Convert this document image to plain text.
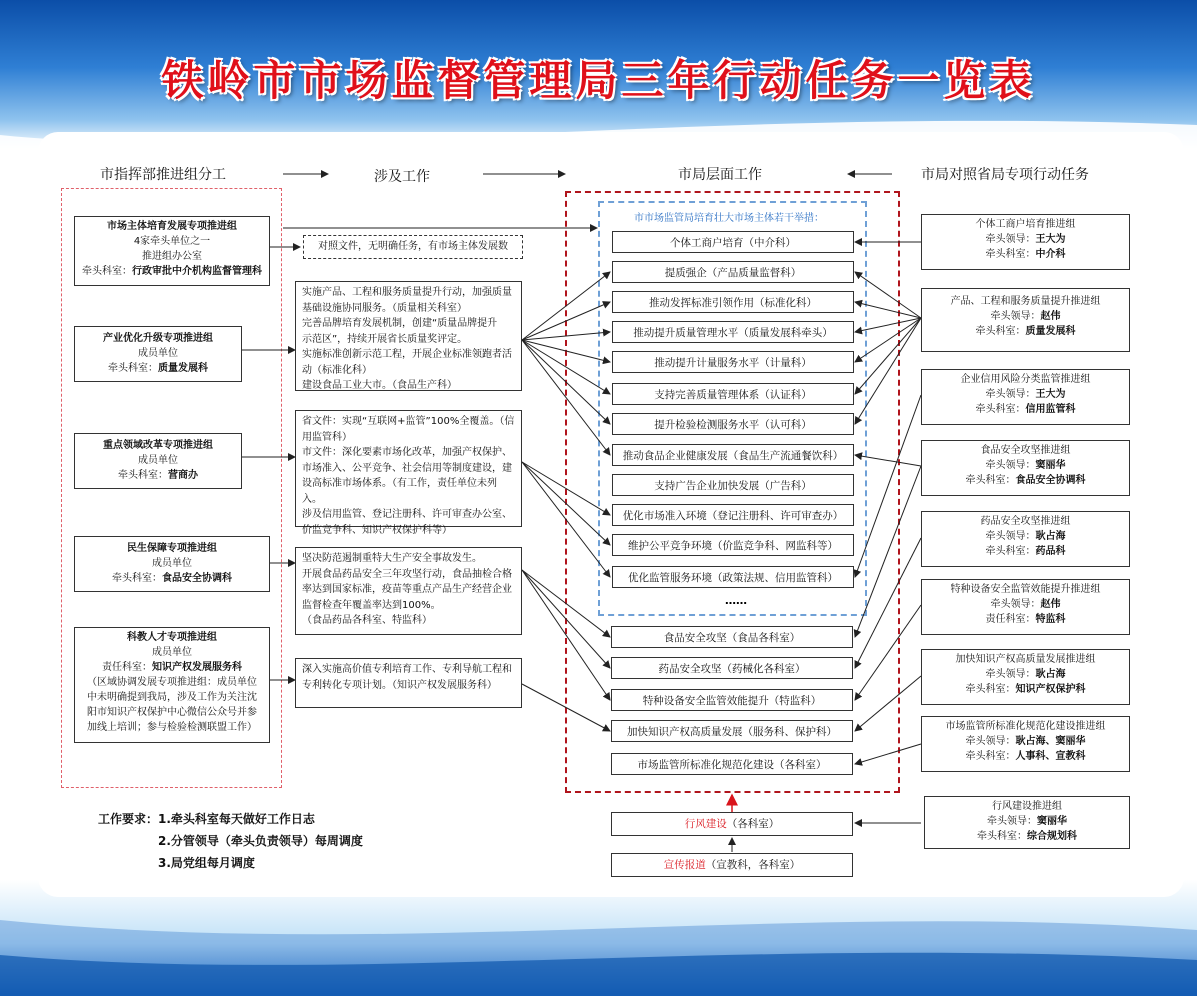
铁岭市市场监督管理局三年行动任务一览表
市指挥部推进组分工	涉及工作	市局层面工作	市局对照省局专项行动任务
市市场监管局培育壮大市场主体若干举措：
市场主体培育发展专项推进组
4家牵头单位之一
推进组办公室
牵头科室：行政审批中介机构监督管理科
产业优化升级专项推进组
成员单位
牵头科室：质量发展科
重点领域改革专项推进组
成员单位
牵头科室：营商办
民生保障专项推进组
成员单位
牵头科室：食品安全协调科
科教人才专项推进组
成员单位
责任科室：知识产权发展服务科
（区域协调发展专项推进组：成员单位
中未明确提到我局，涉及工作为关注沈
阳市知识产权保护中心微信公众号并参
加线上培训；参与检验检测联盟工作）
对照文件，无明确任务，有市场主体发展数
实施产品、工程和服务质量提升行动，加强质量
基础设施协同服务。（质量相关科室）
完善品牌培育发展机制，创建“质量品牌提升
示范区”，持续开展省长质量奖评定。
实施标准创新示范工程，开展企业标准领跑者活
动（标准化科）
建设食品工业大市。（食品生产科）
省文件：实现“互联网+监管”100%全覆盖。（信
用监管科）
市文件：深化要素市场化改革，加强产权保护、
市场准入、公平竞争、社会信用等制度建设，建
设高标准市场体系。（有工作，责任单位未列入。
涉及信用监管、登记注册科、许可审查办公室、
价监竞争科、知识产权保护科等）
坚决防范遏制重特大生产安全事故发生。
开展食品药品安全三年攻坚行动，食品抽检合格
率达到国家标准，疫苗等重点产品生产经营企业
监督检查年覆盖率达到100%。
（食品药品各科室、特监科）
深入实施高价值专利培育工作、专利导航工程和
专利转化专项计划。（知识产权发展服务科）
个体工商户培育（中介科）
提质强企（产品质量监督科）
推动发挥标准引领作用（标准化科）
推动提升质量管理水平（质量发展科牵头）
推动提升计量服务水平（计量科）
支持完善质量管理体系（认证科）
提升检验检测服务水平（认可科）
推动食品企业健康发展（食品生产流通餐饮科）
支持广告企业加快发展（广告科）
优化市场准入环境（登记注册科、许可审查办）
维护公平竞争环境（价监竞争科、网监科等）
优化监管服务环境（政策法规、信用监管科）
……
食品安全攻坚（食品各科室）
药品安全攻坚（药械化各科室）
特种设备安全监管效能提升（特监科）
加快知识产权高质量发展（服务科、保护科）
市场监管所标准化规范化建设（各科室）
行风建设（各科室）
宣传报道（宣教科，各科室）
个体工商户培育推进组
牵头领导：王大为
牵头科室：中介科
产品、工程和服务质量提升推进组
牵头领导：赵伟
牵头科室：质量发展科
企业信用风险分类监管推进组
牵头领导：王大为
牵头科室：信用监管科
食品安全攻坚推进组
牵头领导：窦丽华
牵头科室：食品安全协调科
药品安全攻坚推进组
牵头领导：耿占海
牵头科室：药品科
特种设备安全监管效能提升推进组
牵头领导：赵伟
责任科室：特监科
加快知识产权高质量发展推进组
牵头领导：耿占海
牵头科室：知识产权保护科
市场监管所标准化规范化建设推进组
牵头领导：耿占海、窦丽华
牵头科室：人事科、宣教科
行风建设推进组
牵头领导：窦丽华
牵头科室：综合规划科
工作要求：1.牵头科室每天做好工作日志
2.分管领导（牵头负责领导）每周调度
3.局党组每月调度
